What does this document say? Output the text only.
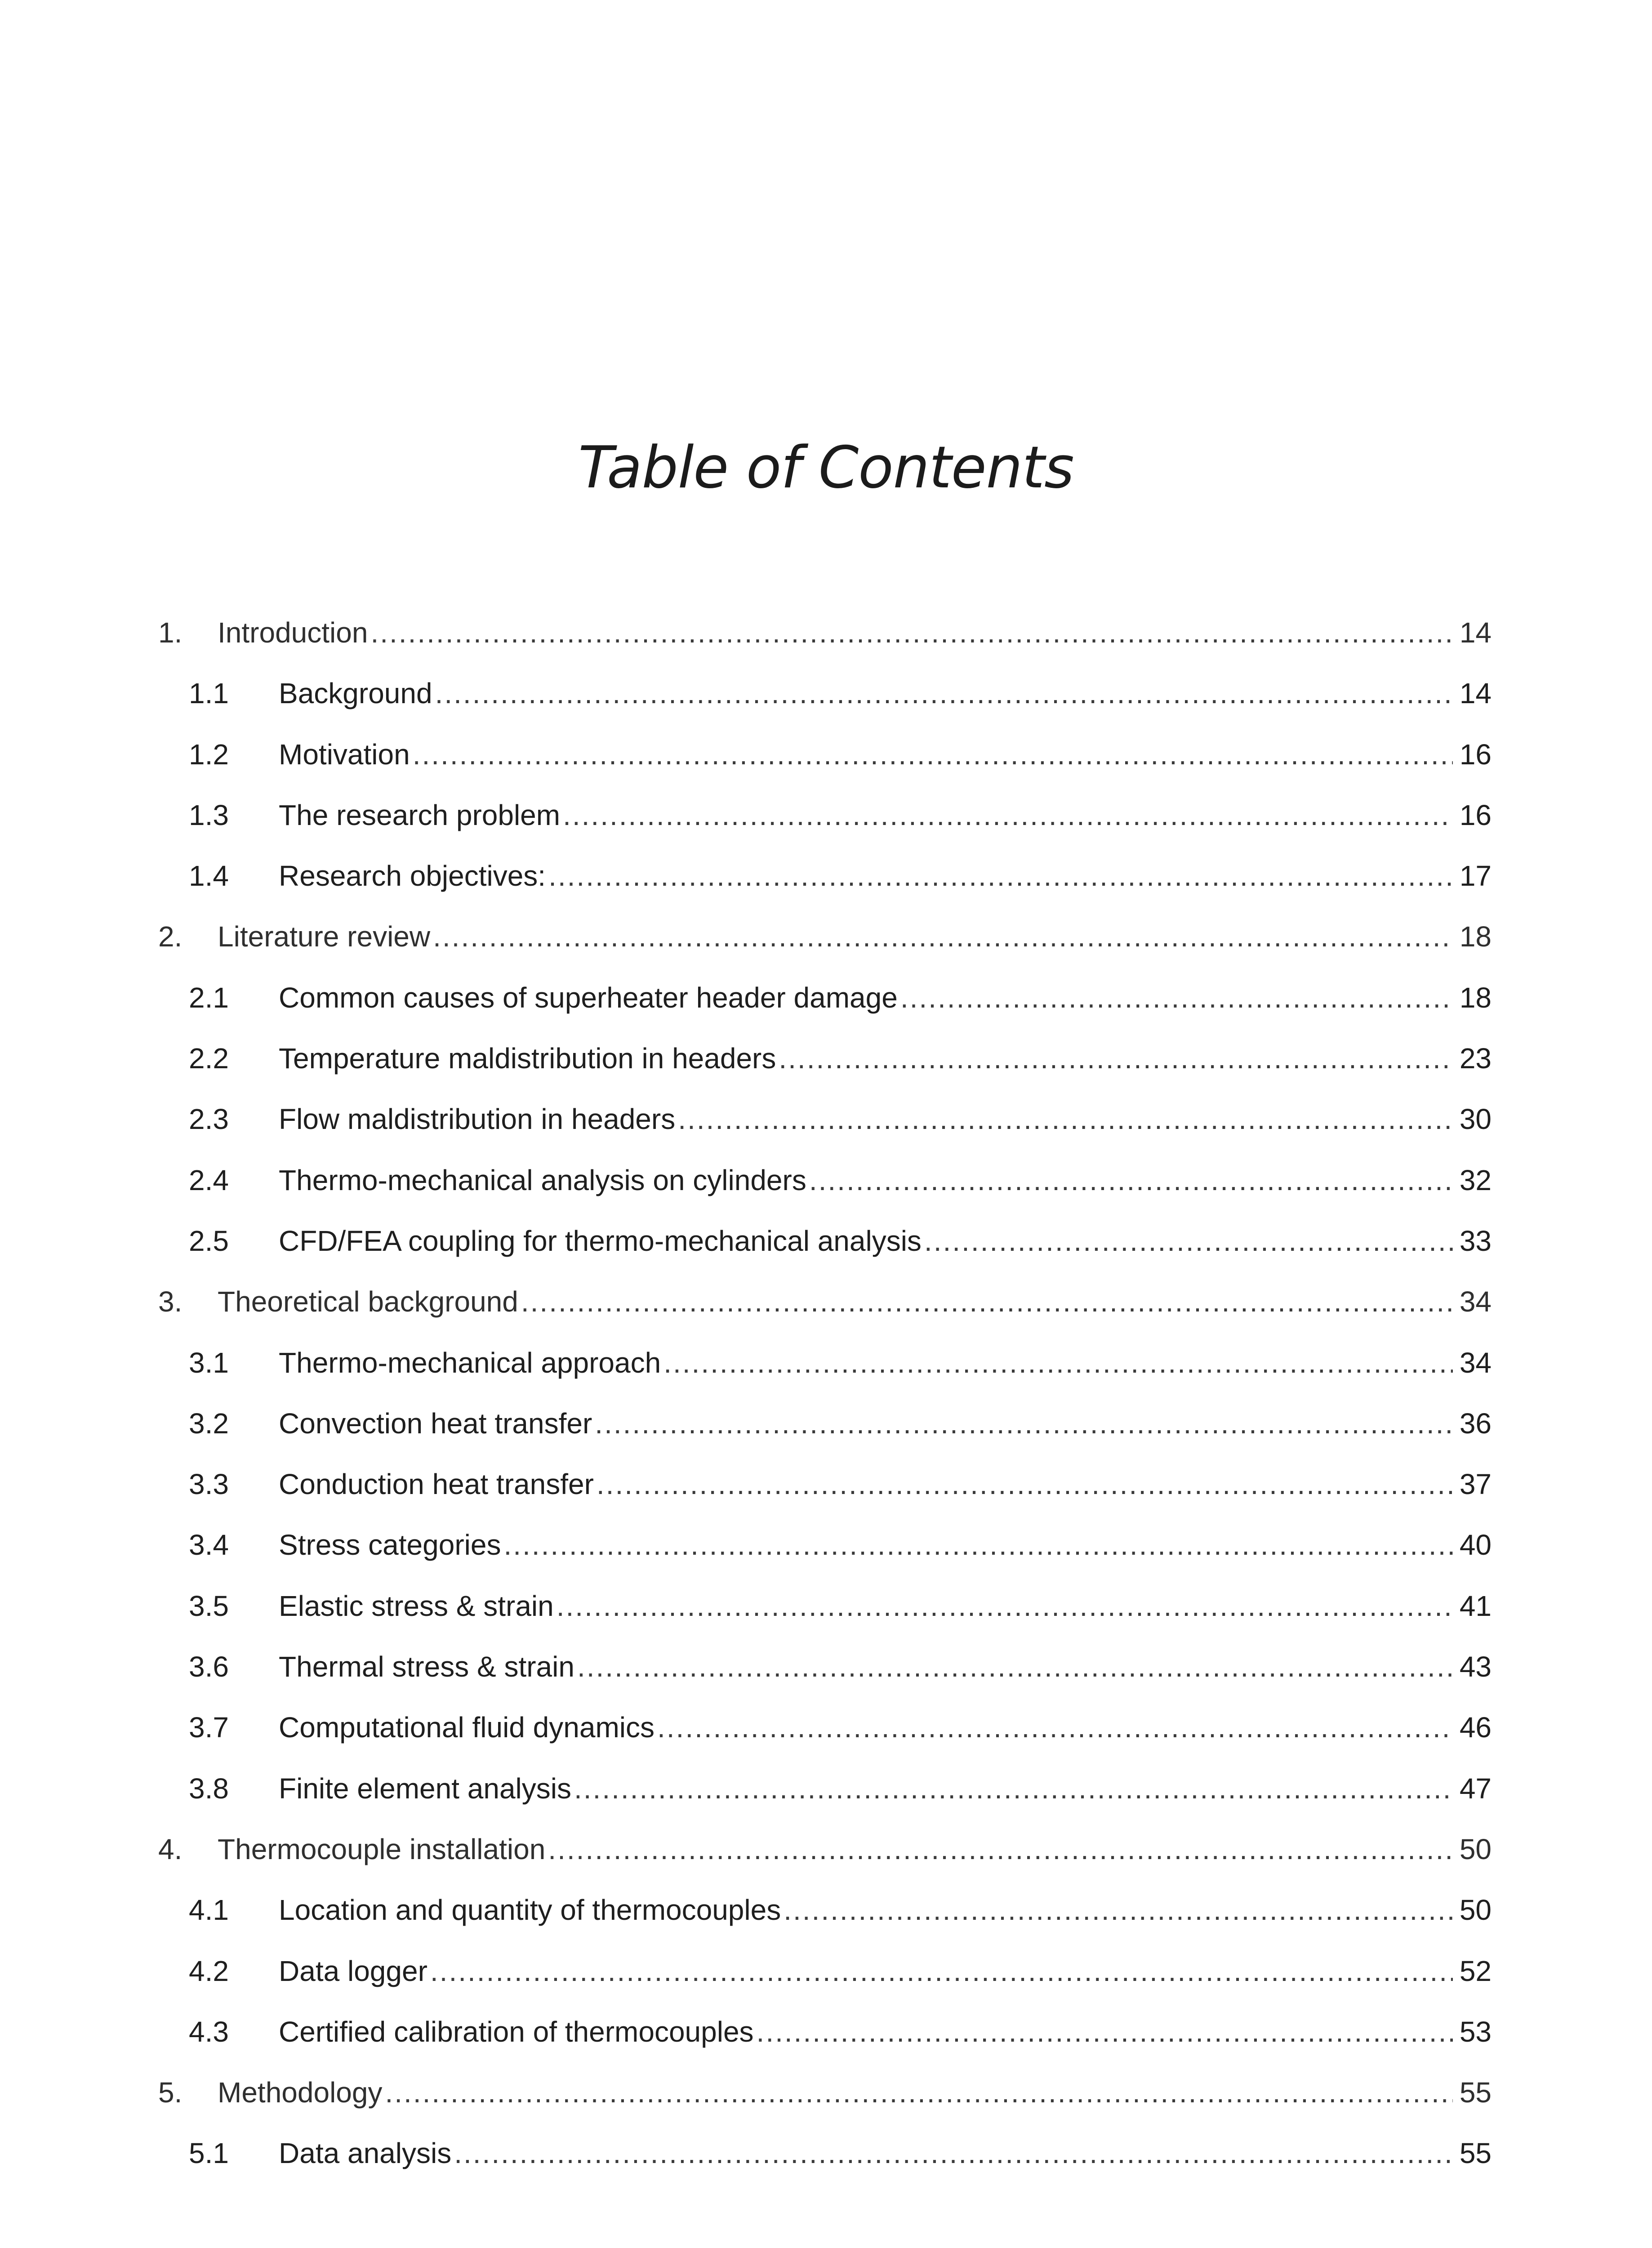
Table of Contents
1.	Introduction .....	14
1.1	Background .....	14
1.2	Motivation .....	16
1.3	The research problem .....	16
1.4	Research objectives: .....	17
2.	Literature review .....	18
2.1	Common causes of superheater header damage .....	18
2.2	Temperature maldistribution in headers .....	23
2.3	Flow maldistribution in headers .....	30
2.4	Thermo-mechanical analysis on cylinders .....	32
2.5	CFD/FEA coupling for thermo-mechanical analysis .....	33
3.	Theoretical background .....	34
3.1	Thermo-mechanical approach .....	34
3.2	Convection heat transfer .....	36
3.3	Conduction heat transfer .....	37
3.4	Stress categories .....	40
3.5	Elastic stress & strain .....	41
3.6	Thermal stress & strain .....	43
3.7	Computational fluid dynamics .....	46
3.8	Finite element analysis .....	47
4.	Thermocouple installation .....	50
4.1	Location and quantity of thermocouples .....	50
4.2	Data logger .....	52
4.3	Certified calibration of thermocouples .....	53
5.	Methodology .....	55
5.1	Data analysis .....	55
